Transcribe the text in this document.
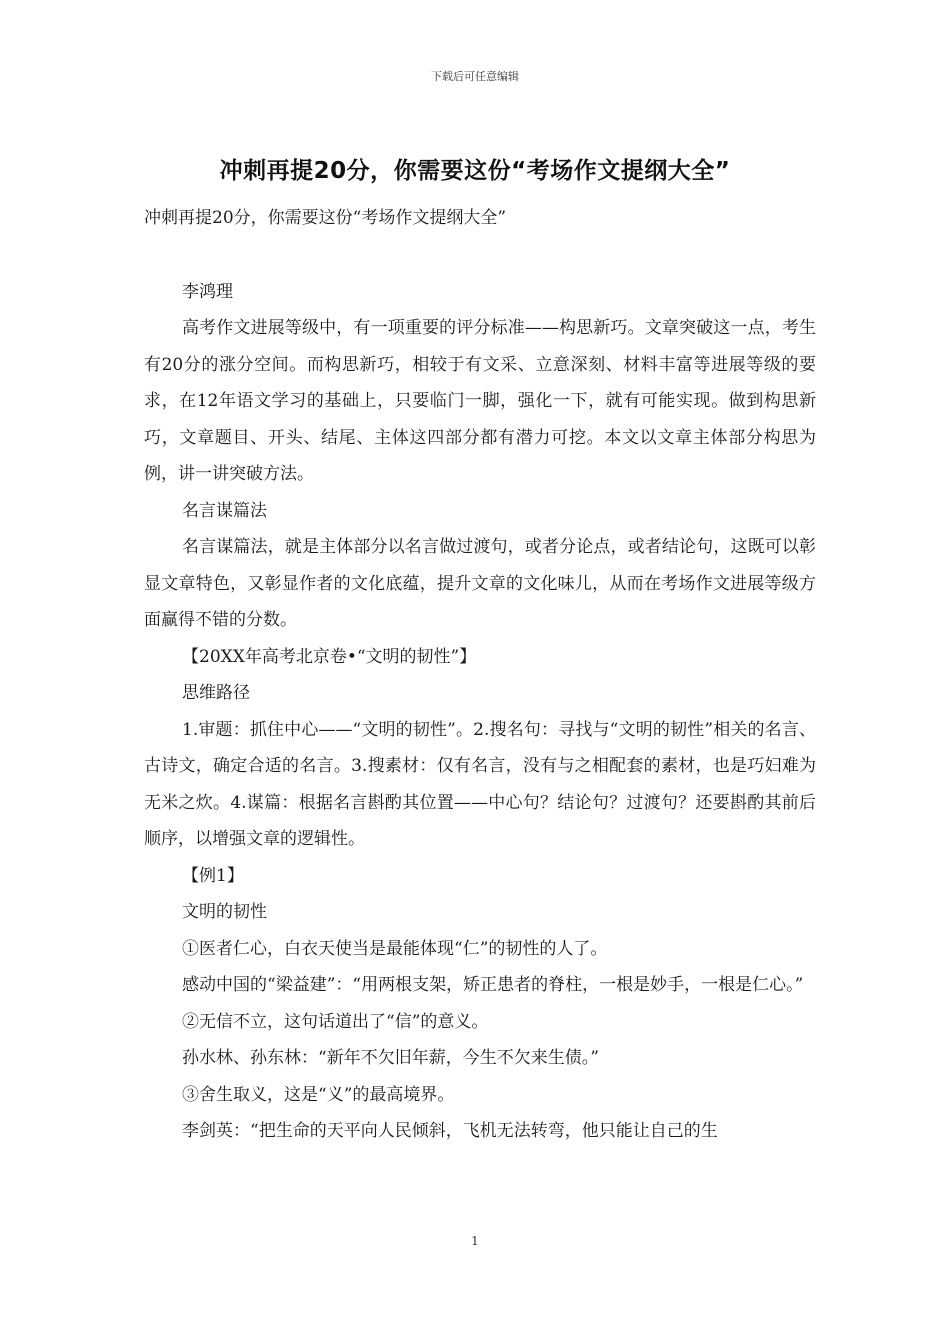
下载后可任意编辑
冲刺再提20分，你需要这份“考场作文提纲大全”

冲刺再提20分，你需要这份“考场作文提纲大全”

李鸿理

高考作文进展等级中，有一项重要的评分标准——构思新巧。文章突破这一点，考生有20分的涨分空间。而构思新巧，相较于有文采、立意深刻、材料丰富等进展等级的要求，在12年语文学习的基础上，只要临门一脚，强化一下，就有可能实现。做到构思新巧，文章题目、开头、结尾、主体这四部分都有潜力可挖。本文以文章主体部分构思为例，讲一讲突破方法。

名言谋篇法

名言谋篇法，就是主体部分以名言做过渡句，或者分论点，或者结论句，这既可以彰显文章特色，又彰显作者的文化底蕴，提升文章的文化味儿，从而在考场作文进展等级方面赢得不错的分数。

【20XX年高考北京卷•“文明的韧性”】

思维路径

1.审题：抓住中心——“文明的韧性”。2.搜名句：寻找与“文明的韧性”相关的名言、古诗文，确定合适的名言。3.搜素材：仅有名言，没有与之相配套的素材，也是巧妇难为无米之炊。4.谋篇：根据名言斟酌其位置——中心句？结论句？过渡句？还要斟酌其前后顺序，以增强文章的逻辑性。

【例1】

文明的韧性

①医者仁心，白衣天使当是最能体现“仁”的韧性的人了。

感动中国的“梁益建”：“用两根支架，矫正患者的脊柱，一根是妙手，一根是仁心。”

②无信不立，这句话道出了“信”的意义。

孙水林、孙东林：“新年不欠旧年薪，今生不欠来生债。”

③舍生取义，这是“义”的最高境界。

李剑英：“把生命的天平向人民倾斜，飞机无法转弯，他只能让自己的生

1
